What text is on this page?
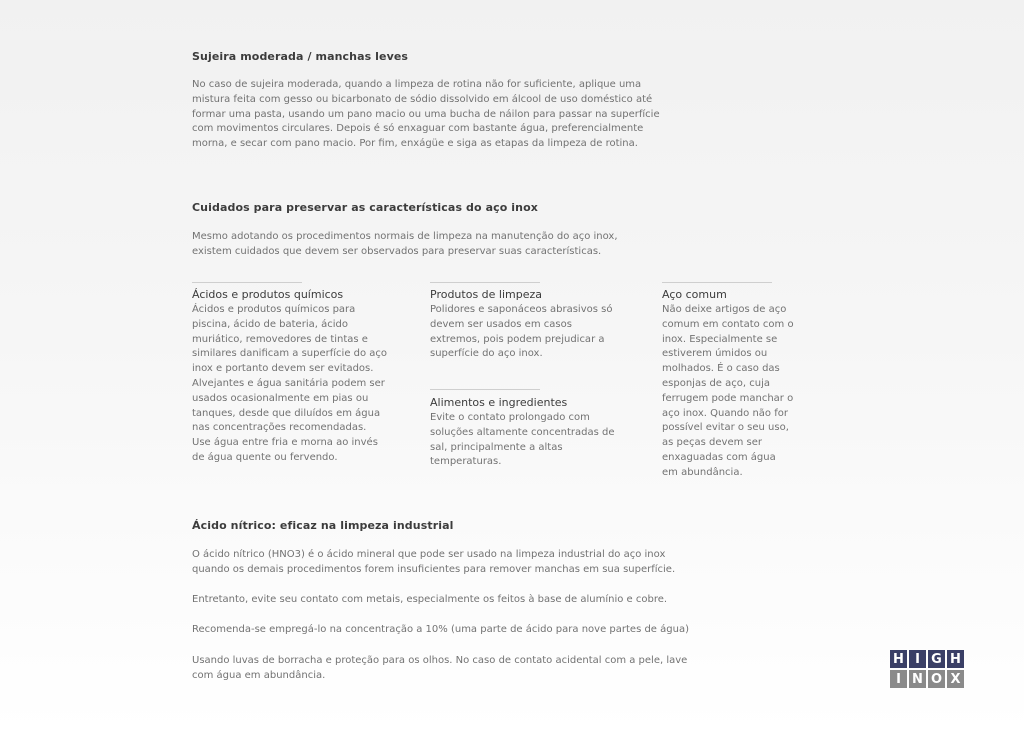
Sujeira moderada / manchas leves
No caso de sujeira moderada, quando a limpeza de rotina não for suficiente, aplique uma
mistura feita com gesso ou bicarbonato de sódio dissolvido em álcool de uso doméstico até
formar uma pasta, usando um pano macio ou uma bucha de náilon para passar na superfície
com movimentos circulares. Depois é só enxaguar com bastante água, preferencialmente
morna, e secar com pano macio. Por fim, enxágüe e siga as etapas da limpeza de rotina.
Cuidados para preservar as características do aço inox
Mesmo adotando os procedimentos normais de limpeza na manutenção do aço inox,
existem cuidados que devem ser observados para preservar suas características.
Ácidos e produtos químicos
Ácidos e produtos químicos para
piscina, ácido de bateria, ácido
muriático, removedores de tintas e
similares danificam a superfície do aço
inox e portanto devem ser evitados.
Alvejantes e água sanitária podem ser
usados ocasionalmente em pias ou
tanques, desde que diluídos em água
nas concentrações recomendadas.
Use água entre fria e morna ao invés
de água quente ou fervendo.
Produtos de limpeza
Polidores e saponáceos abrasivos só
devem ser usados em casos
extremos, pois podem prejudicar a
superfície do aço inox.
Alimentos e ingredientes
Evite o contato prolongado com
soluções altamente concentradas de
sal, principalmente a altas
temperaturas.
Aço comum
Não deixe artigos de aço
comum em contato com o
inox. Especialmente se
estiverem úmidos ou
molhados. É o caso das
esponjas de aço, cuja
ferrugem pode manchar o
aço inox. Quando não for
possível evitar o seu uso,
as peças devem ser
enxaguadas com água
em abundância.
Ácido nítrico: eficaz na limpeza industrial
O ácido nítrico (HNO3) é o ácido mineral que pode ser usado na limpeza industrial do aço inox
quando os demais procedimentos forem insuficientes para remover manchas em sua superfície.
Entretanto, evite seu contato com metais, especialmente os feitos à base de alumínio e cobre.
Recomenda-se empregá-lo na concentração a 10% (uma parte de ácido para nove partes de água)
Usando luvas de borracha e proteção para os olhos. No caso de contato acidental com a pele, lave
com água em abundância.
H I G H
I N O X
